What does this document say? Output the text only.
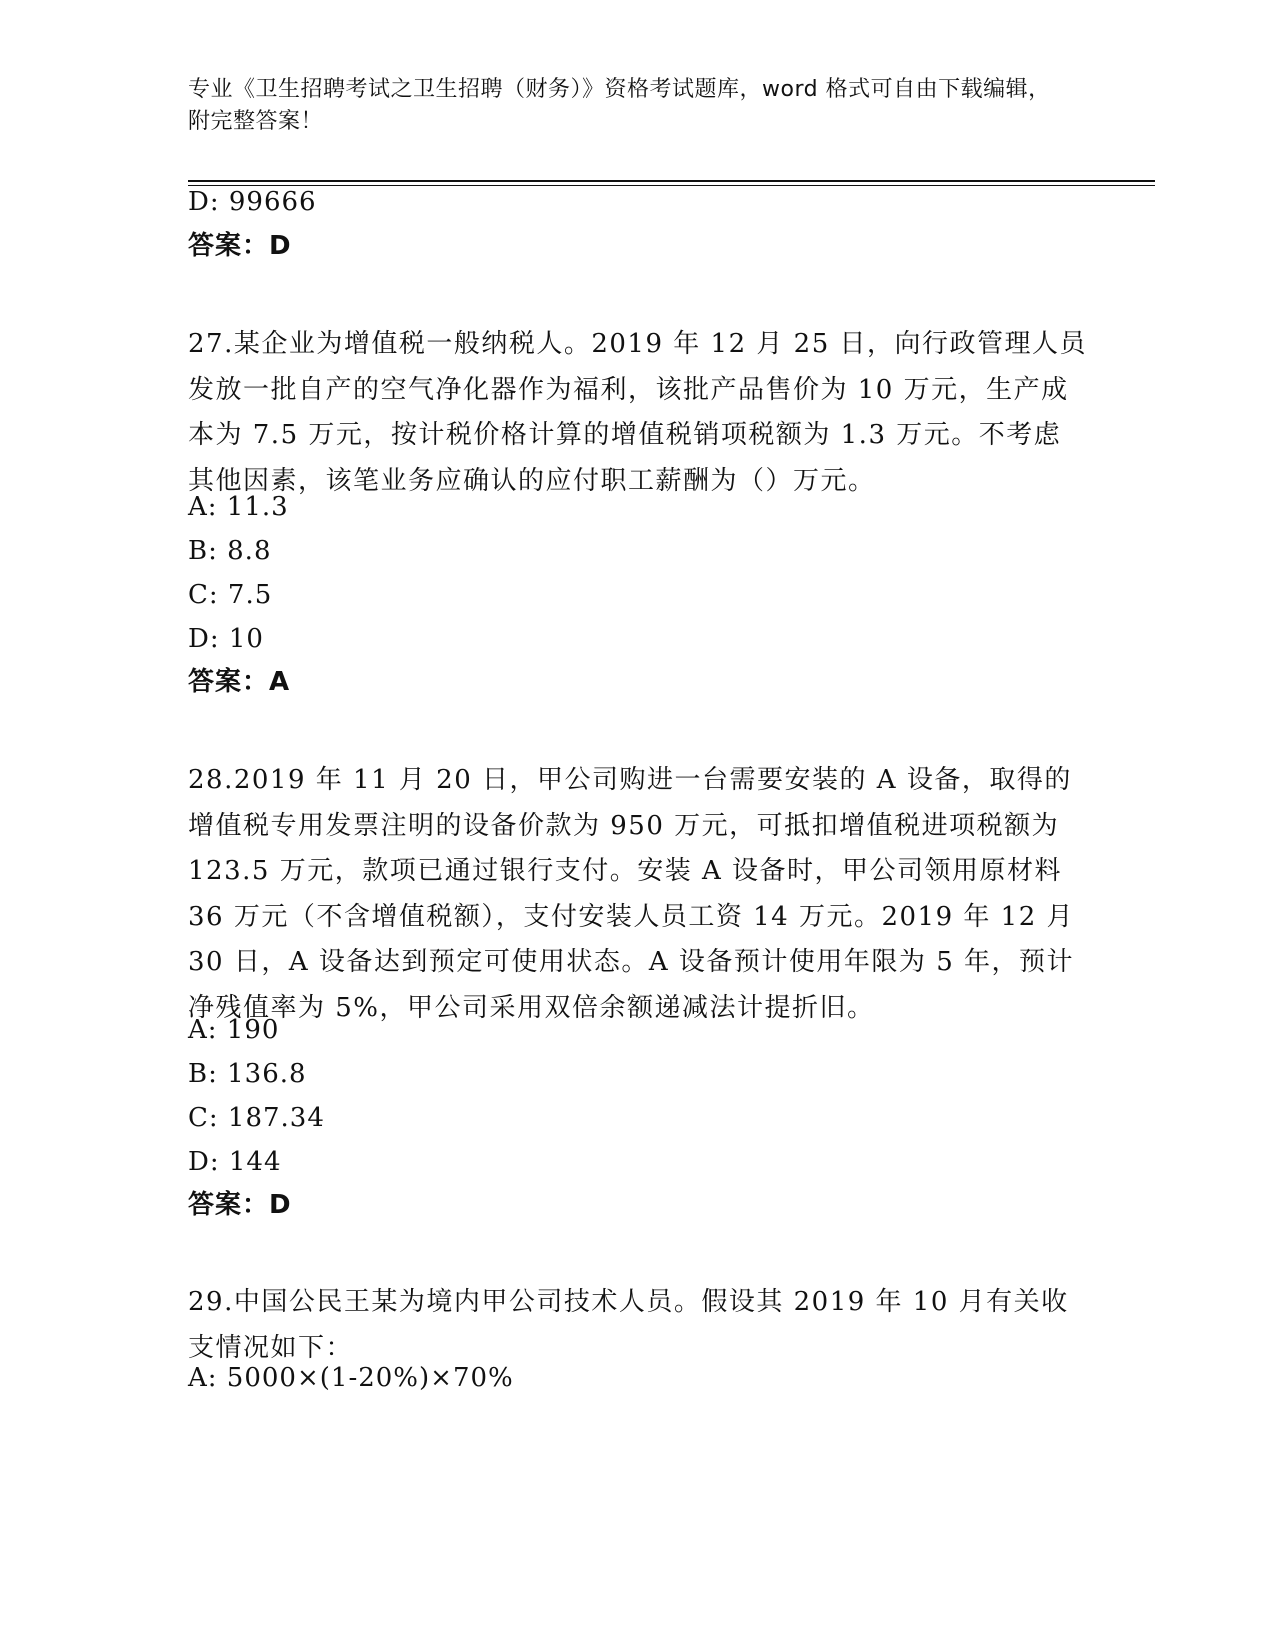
专业《卫生招聘考试之卫生招聘（财务）》资格考试题库，word 格式可自由下载编辑，附完整答案！
D: 99666
答案：D
27.某企业为增值税一般纳税人。2019 年 12 月 25 日，向行政管理人员发放一批自产的空气净化器作为福利，该批产品售价为 10 万元，生产成本为 7.5 万元，按计税价格计算的增值税销项税额为 1.3 万元。不考虑其他因素，该笔业务应确认的应付职工薪酬为（）万元。
A: 11.3
B: 8.8
C: 7.5
D: 10
答案：A
28.2019 年 11 月 20 日，甲公司购进一台需要安装的 A 设备，取得的增值税专用发票注明的设备价款为 950 万元，可抵扣增值税进项税额为 123.5 万元，款项已通过银行支付。安装 A 设备时，甲公司领用原材料 36 万元（不含增值税额），支付安装人员工资 14 万元。2019 年 12 月 30 日，A 设备达到预定可使用状态。A 设备预计使用年限为 5 年，预计净残值率为 5%，甲公司采用双倍余额递减法计提折旧。
A: 190
B: 136.8
C: 187.34
D: 144
答案：D
29.中国公民王某为境内甲公司技术人员。假设其 2019 年 10 月有关收支情况如下：
A: 5000×(1-20%)×70%
